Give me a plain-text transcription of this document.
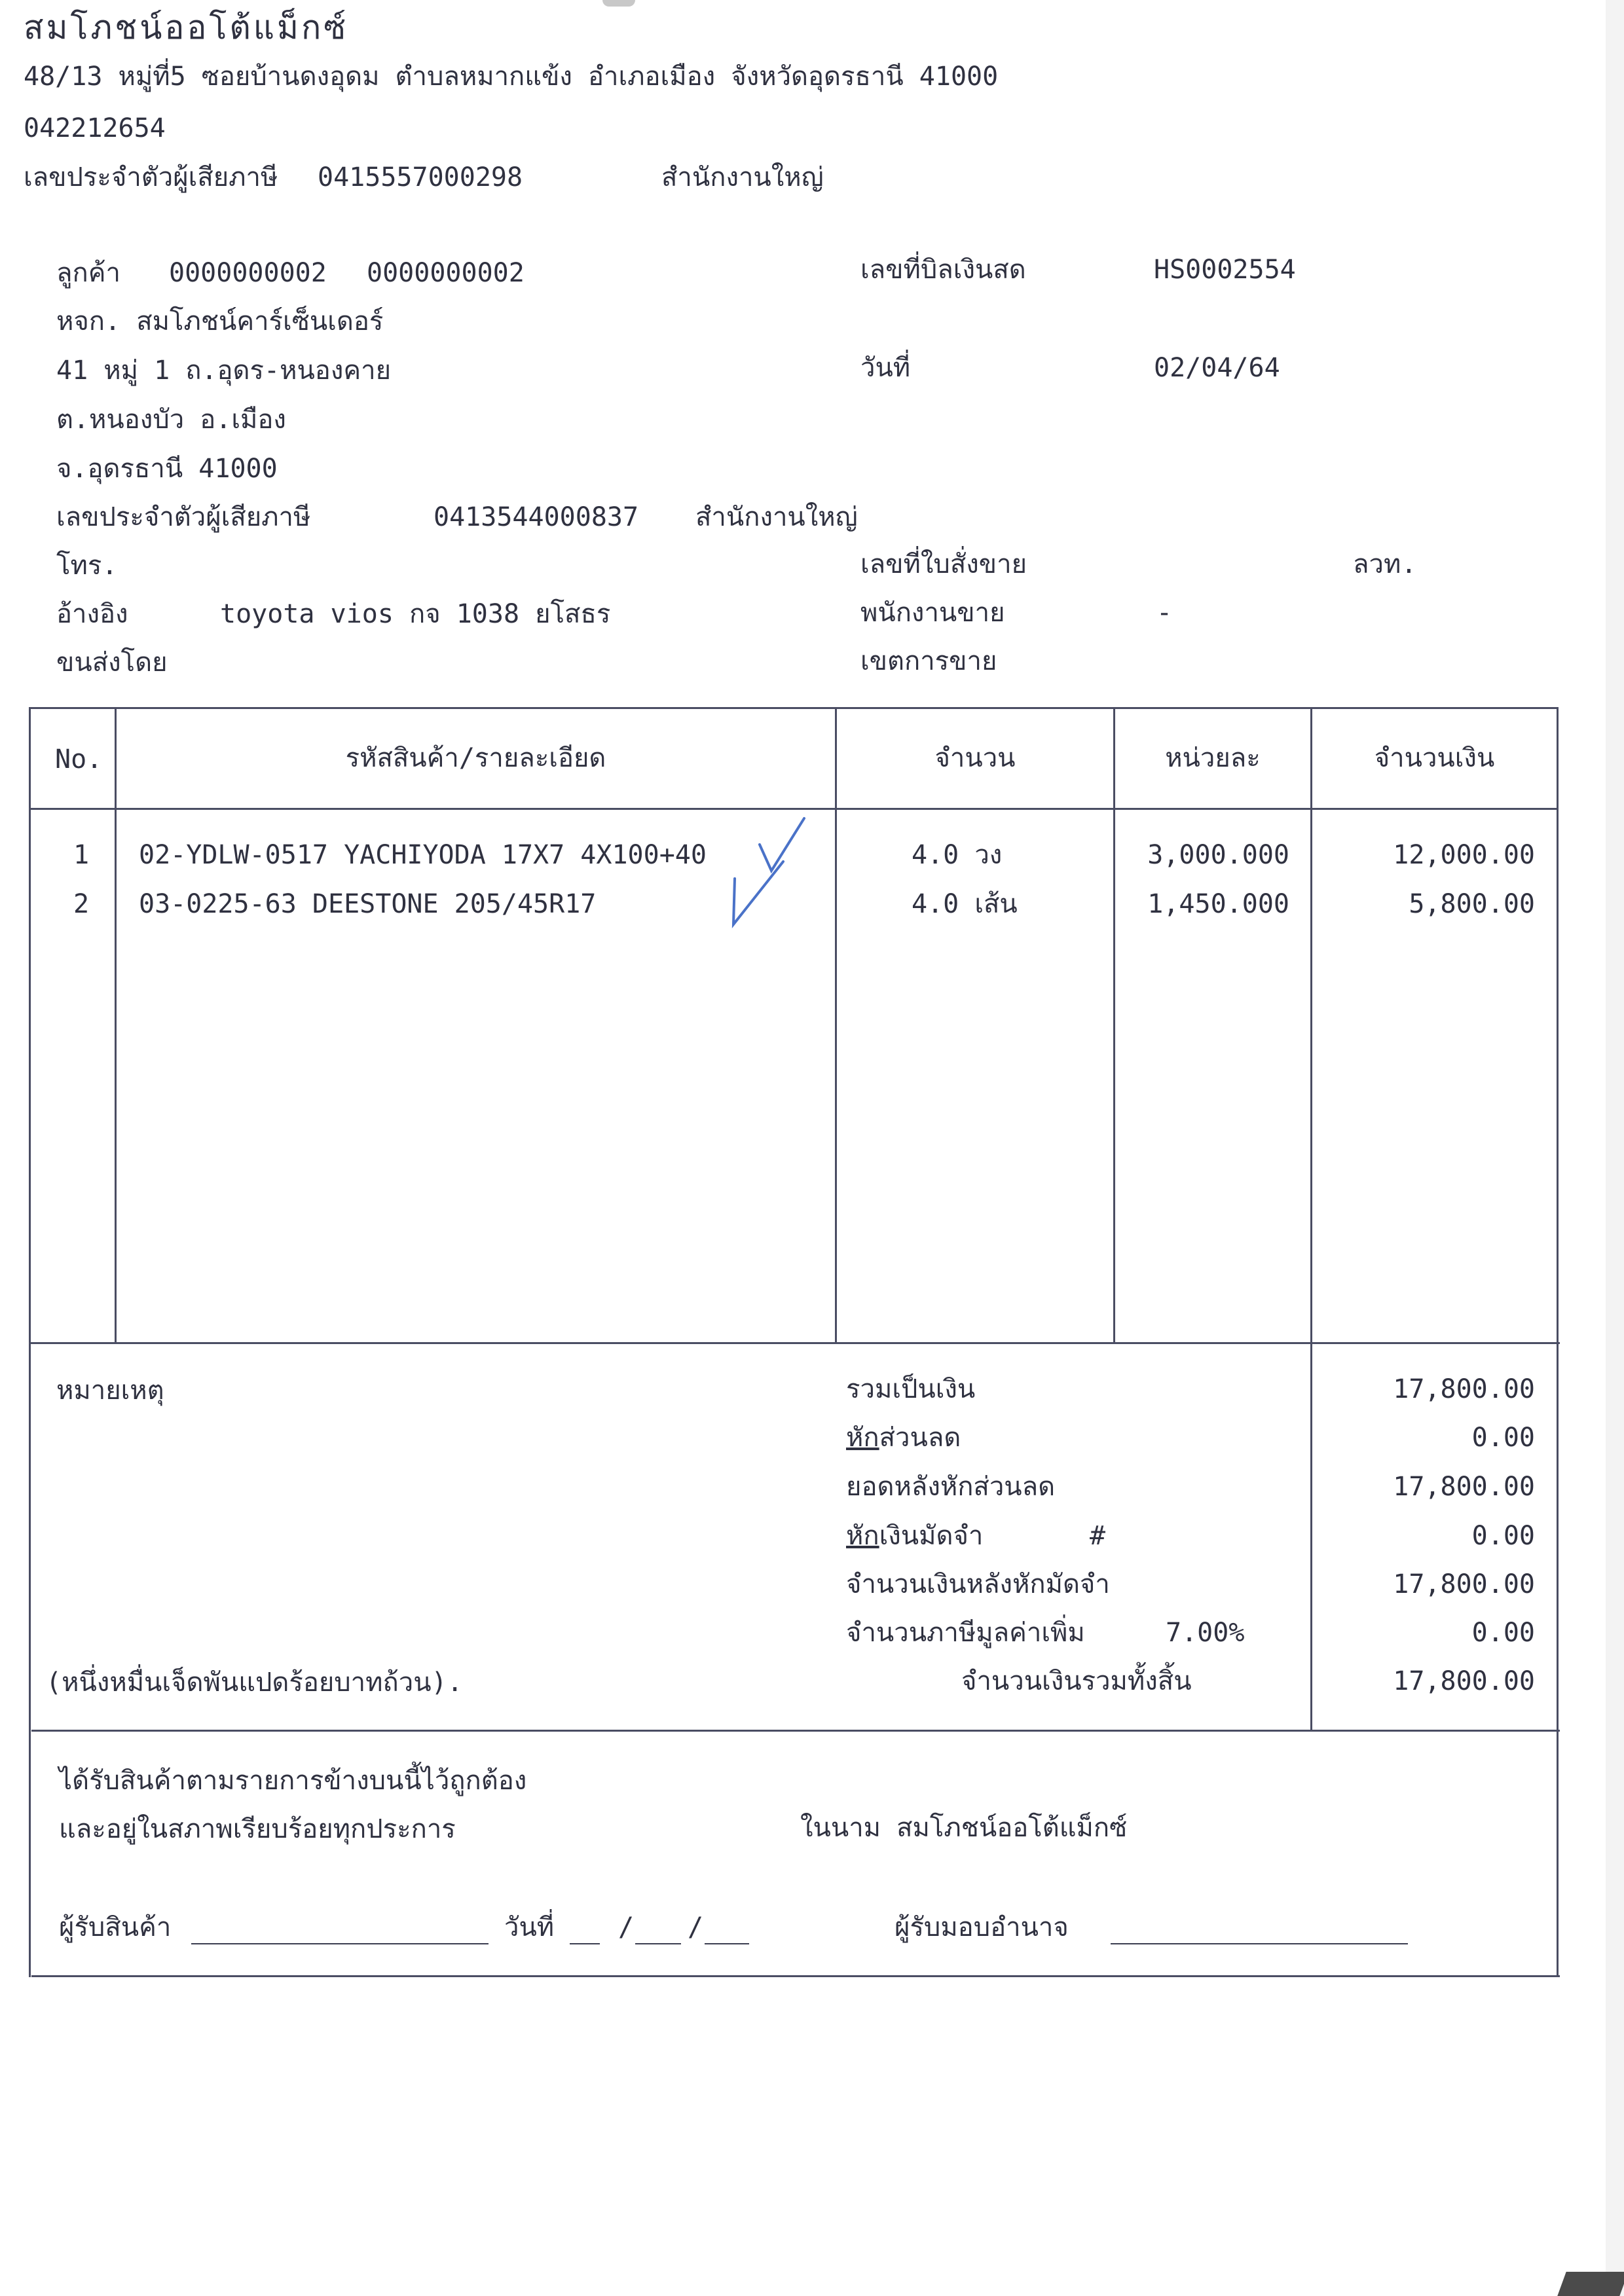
สมโภชน์ออโต้แม็กซ์
48/13 หมู่ที่5 ซอยบ้านดงอุดม ตำบลหมากแข้ง อำเภอเมือง จังหวัดอุดรธานี 41000
042212654
เลขประจำตัวผู้เสียภาษี 0415557000298	สำนักงานใหญ่
ลูกค้า 0000000002 0000000002
หจก. สมโภชน์คาร์เซ็นเดอร์
41 หมู่ 1 ถ.อุดร-หนองคาย
ต.หนองบัว อ.เมือง
จ.อุดรธานี 41000
เลขประจำตัวผู้เสียภาษี	0413544000837 สำนักงานใหญ่
โทร.
อ้างอิง	toyota vios กจ 1038 ยโสธร
ขนส่งโดย
เลขที่บิลเงินสด	HS0002554
วันที่	02/04/64
เลขที่ใบสั่งขาย	ลวท.
พนักงานขาย	-
เขตการขาย
No.	รหัสสินค้า/รายละเอียด	จำนวน	หน่วยละ	จำนวนเงิน
1 02-YDLW-0517 YACHIYODA 17X7 4X100+40	4.0 วง	3,000.000	12,000.00
2 03-0225-63 DEESTONE 205/45R17	4.0 เส้น	1,450.000	5,800.00
หมายเหตุ	รวมเป็นเงิน	17,800.00
หักส่วนลด	0.00
ยอดหลังหักส่วนลด	17,800.00
หักเงินมัดจำ	#	0.00
จำนวนเงินหลังหักมัดจำ	17,800.00
จำนวนภาษีมูลค่าเพิ่ม	7.00%	0.00
(หนึ่งหมื่นเจ็ดพันแปดร้อยบาทถ้วน).	จำนวนเงินรวมทั้งสิ้น	17,800.00
ได้รับสินค้าตามรายการข้างบนนี้ไว้ถูกต้อง
และอยู่ในสภาพเรียบร้อยทุกประการ	ในนาม สมโภชน์ออโต้แม็กซ์
ผู้รับสินค้า	วันที่ / /	ผู้รับมอบอำนาจ
